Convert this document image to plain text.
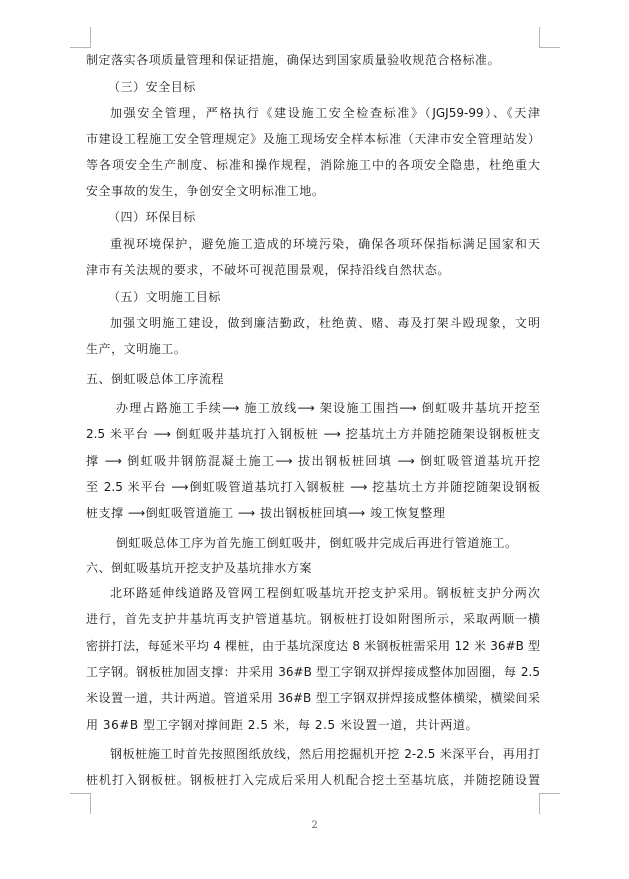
制定落实各项质量管理和保证措施，确保达到国家质量验收规范合格标准。
（三）安全目标
加强安全管理，严格执行《建设施工安全检查标准》（JGJ59-99）、《天津
市建设工程施工安全管理规定》及施工现场安全样本标准（天津市安全管理站发）
等各项安全生产制度、标准和操作规程，消除施工中的各项安全隐患，杜绝重大
安全事故的发生，争创安全文明标准工地。
（四）环保目标
重视环境保护，避免施工造成的环境污染，确保各项环保指标满足国家和天
津市有关法规的要求，不破坏可视范围景观，保持沿线自然状态。
（五）文明施工目标
加强文明施工建设，做到廉洁勤政，杜绝黄、赌、毒及打架斗殴现象，文明
生产，文明施工。
五、倒虹吸总体工序流程
办理占路施工手续⟶ 施工放线⟶ 架设施工围挡⟶ 倒虹吸井基坑开挖至
2.5 米平台 ⟶ 倒虹吸井基坑打入钢板桩 ⟶ 挖基坑土方并随挖随架设钢板桩支
撑 ⟶ 倒虹吸井钢筋混凝土施工⟶ 拔出钢板桩回填 ⟶ 倒虹吸管道基坑开挖
至 2.5 米平台 ⟶倒虹吸管道基坑打入钢板桩 ⟶ 挖基坑土方并随挖随架设钢板
桩支撑 ⟶倒虹吸管道施工 ⟶ 拔出钢板桩回填⟶ 竣工恢复整理
倒虹吸总体工序为首先施工倒虹吸井，倒虹吸井完成后再进行管道施工。
六、倒虹吸基坑开挖支护及基坑排水方案
北环路延伸线道路及管网工程倒虹吸基坑开挖支护采用。钢板桩支护分两次
进行，首先支护井基坑再支护管道基坑。钢板桩打设如附图所示，采取两顺一横
密拼打法，每延米平均 4 棵桩，由于基坑深度达 8 米钢板桩需采用 12 米 36#B 型
工字钢。钢板桩加固支撑：井采用 36#B 型工字钢双拼焊接成整体加固圈，每 2.5
米设置一道，共计两道。管道采用 36#B 型工字钢双拼焊接成整体横梁，横梁间采
用 36#B 型工字钢对撑间距 2.5 米，每 2.5 米设置一道，共计两道。
钢板桩施工时首先按照图纸放线，然后用挖掘机开挖 2-2.5 米深平台，再用打
桩机打入钢板桩。钢板桩打入完成后采用人机配合挖土至基坑底，并随挖随设置
2
